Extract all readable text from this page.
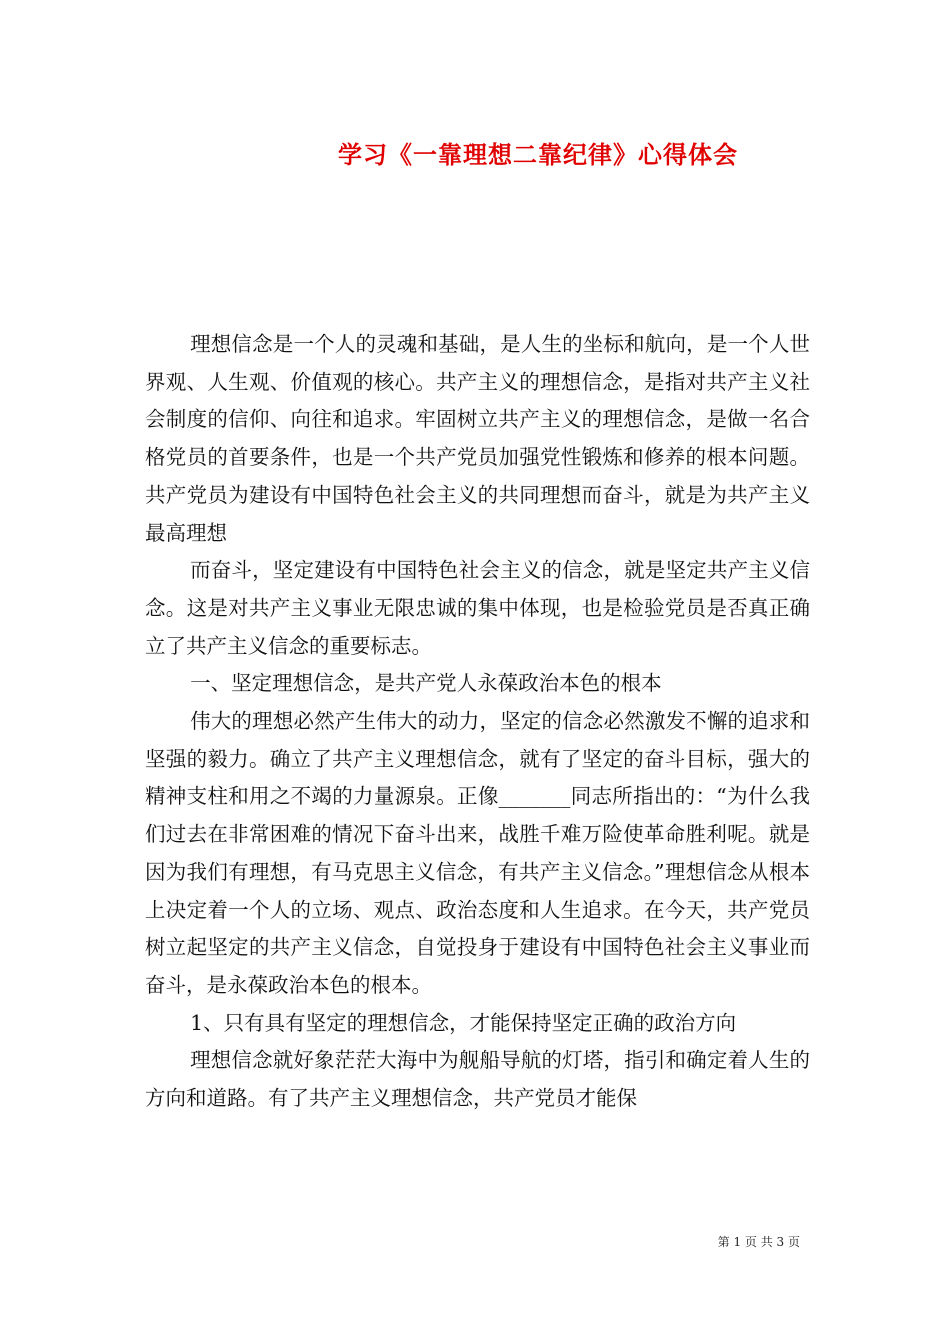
学习《一靠理想二靠纪律》心得体会

理想信念是一个人的灵魂和基础，是人生的坐标和航向，是一个人世界观、人生观、价值观的核心。共产主义的理想信念，是指对共产主义社会制度的信仰、向往和追求。牢固树立共产主义的理想信念，是做一名合格党员的首要条件，也是一个共产党员加强党性锻炼和修养的根本问题。共产党员为建设有中国特色社会主义的共同理想而奋斗，就是为共产主义最高理想

而奋斗，坚定建设有中国特色社会主义的信念，就是坚定共产主义信念。这是对共产主义事业无限忠诚的集中体现，也是检验党员是否真正确立了共产主义信念的重要标志。

一、坚定理想信念，是共产党人永葆政治本色的根本

伟大的理想必然产生伟大的动力，坚定的信念必然激发不懈的追求和坚强的毅力。确立了共产主义理想信念，就有了坚定的奋斗目标，强大的精神支柱和用之不竭的力量源泉。正像_______同志所指出的：“为什么我们过去在非常困难的情况下奋斗出来，战胜千难万险使革命胜利呢。就是因为我们有理想，有马克思主义信念，有共产主义信念。”理想信念从根本上决定着一个人的立场、观点、政治态度和人生追求。在今天，共产党员树立起坚定的共产主义信念，自觉投身于建设有中国特色社会主义事业而奋斗，是永葆政治本色的根本。

1、只有具有坚定的理想信念，才能保持坚定正确的政治方向

理想信念就好象茫茫大海中为舰船导航的灯塔，指引和确定着人生的方向和道路。有了共产主义理想信念，共产党员才能保

第 1 页 共 3 页
